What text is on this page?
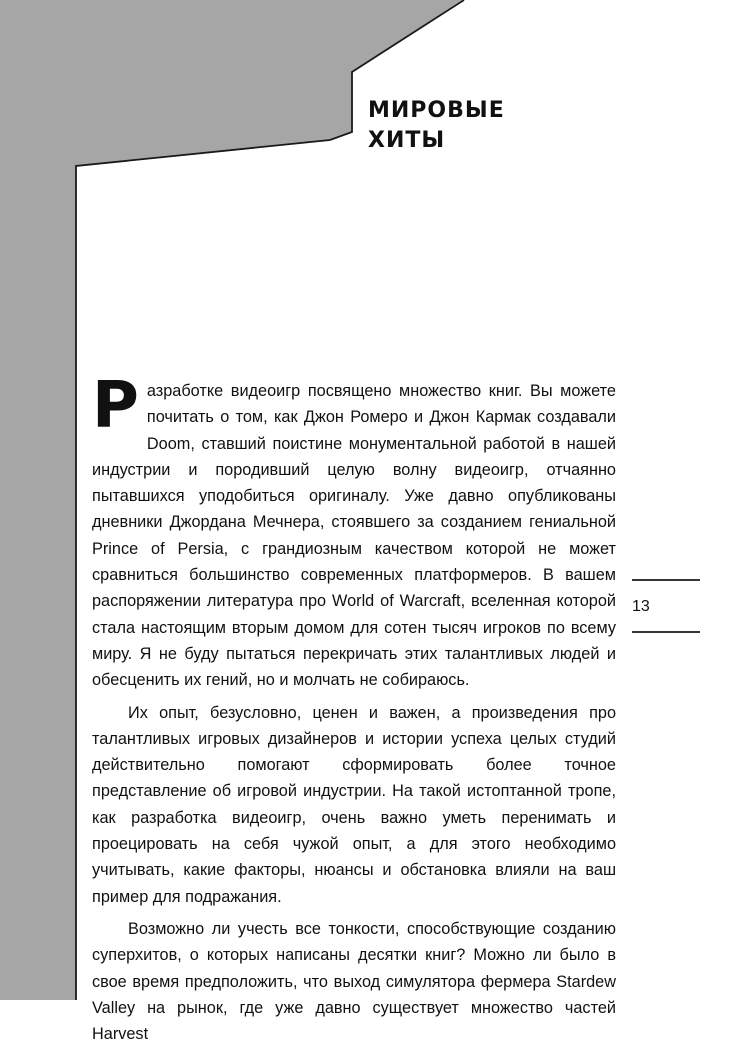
МИРОВЫЕ
ХИТЫ
13

Разработке видеоигр посвящено множество книг. Вы можете почитать о том, как Джон Ромеро и Джон Кармак создавали Doom, ставший поистине монументальной работой в нашей индустрии и породивший целую волну видеоигр, отчаянно пытавшихся уподобиться оригиналу. Уже давно опубликованы дневники Джордана Мечнера, стоявшего за созданием гениальной Prince of Persia, с грандиозным качеством которой не может сравниться большинство современных платформеров. В вашем распоряжении литература про World of Warcraft, вселенная которой стала настоящим вторым домом для сотен тысяч игроков по всему миру. Я не буду пытаться перекричать этих талантливых людей и обесценить их гений, но и молчать не собираюсь.

Их опыт, безусловно, ценен и важен, а произведения про талантливых игровых дизайнеров и истории успеха целых студий действительно помогают сформировать более точное представление об игровой индустрии. На такой истоптанной тропе, как разработка видеоигр, очень важно уметь перенимать и проецировать на себя чужой опыт, а для этого необходимо учитывать, какие факторы, нюансы и обстановка влияли на ваш пример для подражания.

Возможно ли учесть все тонкости, способствующие созданию суперхитов, о которых написаны десятки книг? Можно ли было в свое время предположить, что выход симулятора фермера Stardew Valley на рынок, где уже давно существует множество частей Harvest
